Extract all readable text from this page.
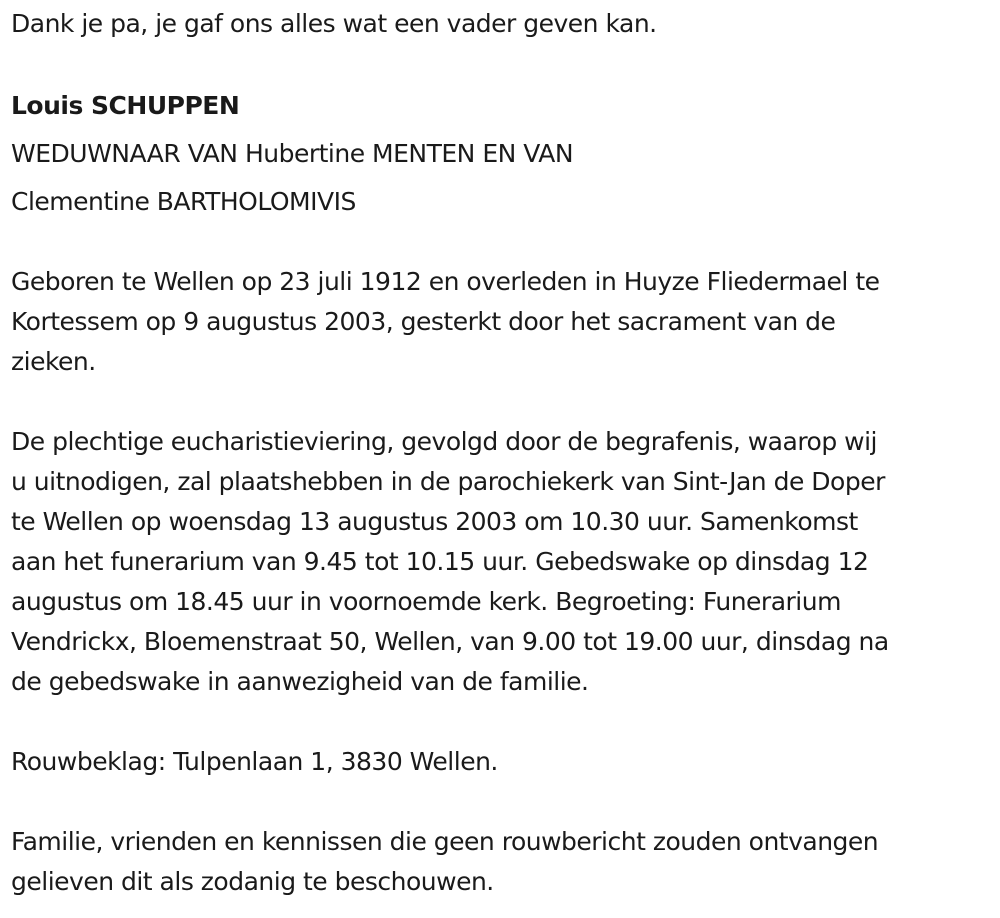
Dank je pa, je gaf ons alles wat een vader geven kan.

Louis SCHUPPEN

WEDUWNAAR VAN Hubertine MENTEN EN VAN

Clementine BARTHOLOMIVIS

Geboren te Wellen op 23 juli 1912 en overleden in Huyze Fliedermael te

Kortessem op 9 augustus 2003, gesterkt door het sacrament van de

zieken.

De plechtige eucharistieviering, gevolgd door de begrafenis, waarop wij

u uitnodigen, zal plaatshebben in de parochiekerk van Sint-Jan de Doper

te Wellen op woensdag 13 augustus 2003 om 10.30 uur. Samenkomst

aan het funerarium van 9.45 tot 10.15 uur. Gebedswake op dinsdag 12

augustus om 18.45 uur in voornoemde kerk. Begroeting: Funerarium

Vendrickx, Bloemenstraat 50, Wellen, van 9.00 tot 19.00 uur, dinsdag na

de gebedswake in aanwezigheid van de familie.

Rouwbeklag: Tulpenlaan 1, 3830 Wellen.

Familie, vrienden en kennissen die geen rouwbericht zouden ontvangen

gelieven dit als zodanig te beschouwen.
